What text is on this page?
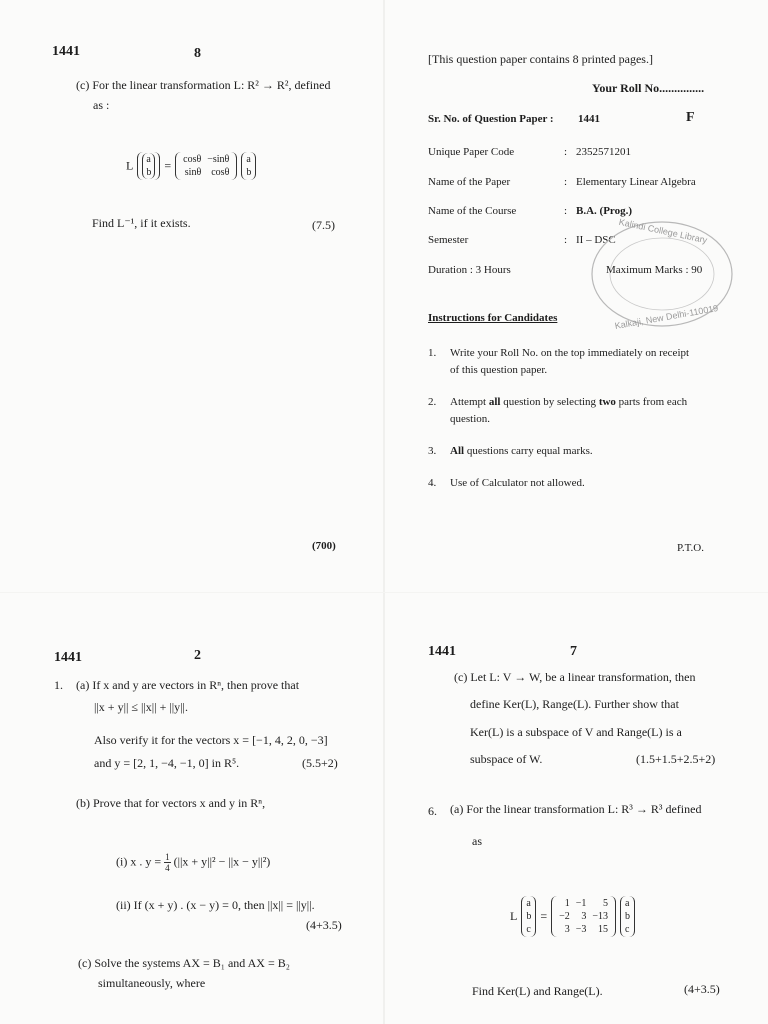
1441	8
(c) For the linear transformation L: R² → R², defined
as :
L a
b = cosθ	−sinθ
sinθ	cosθ

a
b
Find L⁻¹, if it exists.	(7.5)
(700)
[This question paper contains 8 printed pages.]
Your Roll No...............
Sr. No. of Question Paper : 1441	F
Unique Paper Code	: 2352571201
Name of the Paper	: Elementary Linear Algebra
Name of the Course	: B.A. (Prog.)
Semester	: II – DSC
Duration : 3 Hours
Kalindi College Library
Kalkaji, New Delhi-110019
Maximum Marks : 90
Instructions for Candidates
1. Write your Roll No. on the top immediately on receipt
of this question paper.
2. Attempt all question by selecting two parts from each
question.
3. All questions carry equal marks.
4. Use of Calculator not allowed.
P.T.O.
1441	2
1. (a) If x and y are vectors in Rⁿ, then prove that
||x + y|| ≤ ||x|| + ||y||.
Also verify it for the vectors x = [−1, 4, 2, 0, −3]
and y = [2, 1, −4, −1, 0] in R⁵.	(5.5+2)
(b) Prove that for vectors x and y in Rⁿ,
(i) x . $y = \frac{1}{4} (||x + y||^2 - ||x - y||^2)$
(ii) If (x + y) . (x − y) = 0, then ||x|| = ||y||.
(4+3.5)
(c) Solve the systems AX = B₁ and AX = B₂
simultaneously, where
1441	7
(c) Let L: V → W, be a linear transformation, then
define Ker(L), Range(L). Further show that
Ker(L) is a subspace of V and Range(L) is a
subspace of W.	(1.5+1.5+2.5+2)
6. (a) For the linear transformation L: R³ → R³ defined
as
L
a
b
c
=
1	−1	5
−2	3	−13
3	−3	15

a
b
c
Find Ker(L) and Range(L).	(4+3.5)
